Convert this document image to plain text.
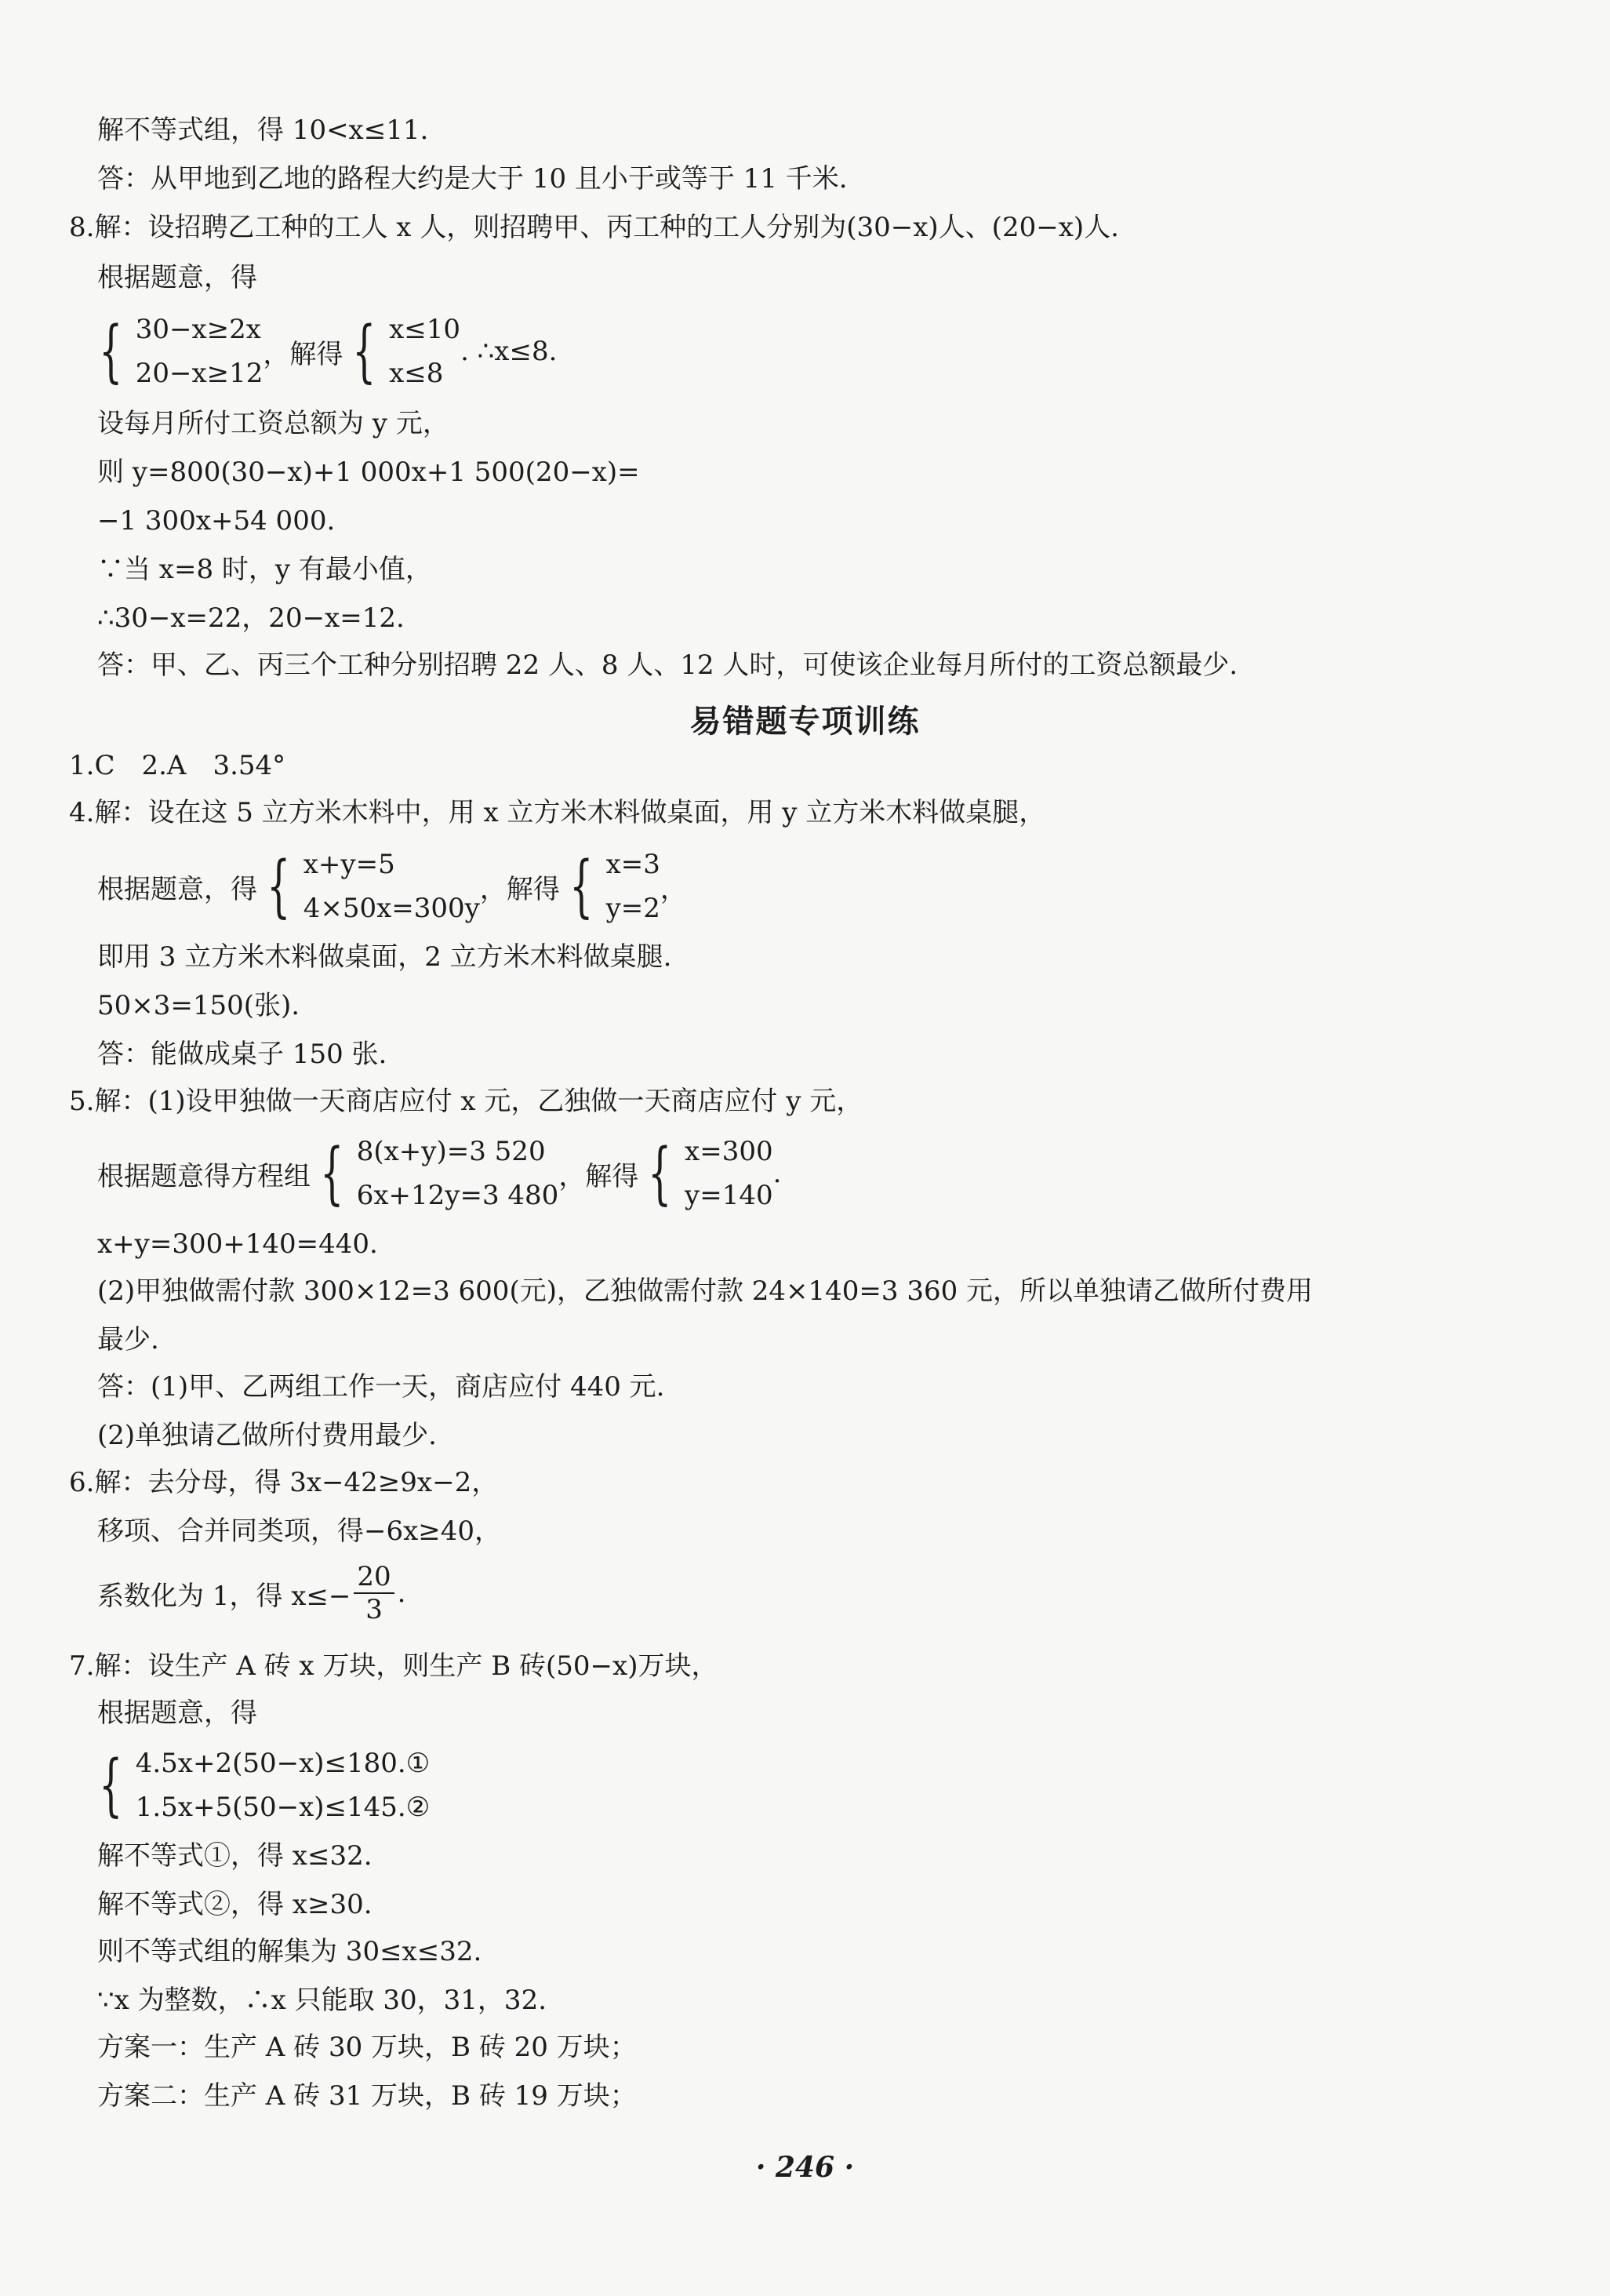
解不等式组，得 10<x≤11.
答：从甲地到乙地的路程大约是大于 10 且小于或等于 11 千米.
8.解：设招聘乙工种的工人 x 人，则招聘甲、丙工种的工人分别为(30−x)人、(20−x)人.
根据题意，得
{ 30−x≥2x
20−x≥12
，解得 { x≤10
x≤8
. ∴x≤8.
设每月所付工资总额为 y 元，
则 y=800(30−x)+1 000x+1 500(20−x)=
−1 300x+54 000.
∵当 x=8 时，y 有最小值，
∴30−x=22，20−x=12.
答：甲、乙、丙三个工种分别招聘 22 人、8 人、12 人时，可使该企业每月所付的工资总额最少.
易错题专项训练
1.C　2.A　3.54°
4.解：设在这 5 立方米木料中，用 x 立方米木料做桌面，用 y 立方米木料做桌腿，
根据题意，得 { x+y=5
4×50x=300y
，解得 { x=3
y=2
，
即用 3 立方米木料做桌面，2 立方米木料做桌腿.
50×3=150(张).
答：能做成桌子 150 张.
5.解：(1)设甲独做一天商店应付 x 元，乙独做一天商店应付 y 元，
根据题意得方程组 { 8(x+y)=3 520
6x+12y=3 480
，解得 { x=300
y=140
.
x+y=300+140=440.
(2)甲独做需付款 300×12=3 600(元)，乙独做需付款 24×140=3 360 元，所以单独请乙做所付费用
最少.
答：(1)甲、乙两组工作一天，商店应付 440 元.
(2)单独请乙做所付费用最少.
6.解：去分母，得 3x−42≥9x−2，
移项、合并同类项，得−6x≥40，
系数化为 1，得 $x\le- \frac{20}{3}$ .
7.解：设生产 A 砖 x 万块，则生产 B 砖(50−x)万块，
根据题意，得
{ 4.5x+2(50−x)≤180.①
1.5x+5(50−x)≤145.②
解不等式①，得 x≤32.
解不等式②，得 x≥30.
则不等式组的解集为 30≤x≤32.
∵x 为整数，∴x 只能取 30，31，32.
方案一：生产 A 砖 30 万块，B 砖 20 万块；
方案二：生产 A 砖 31 万块，B 砖 19 万块；
· 246 ·
